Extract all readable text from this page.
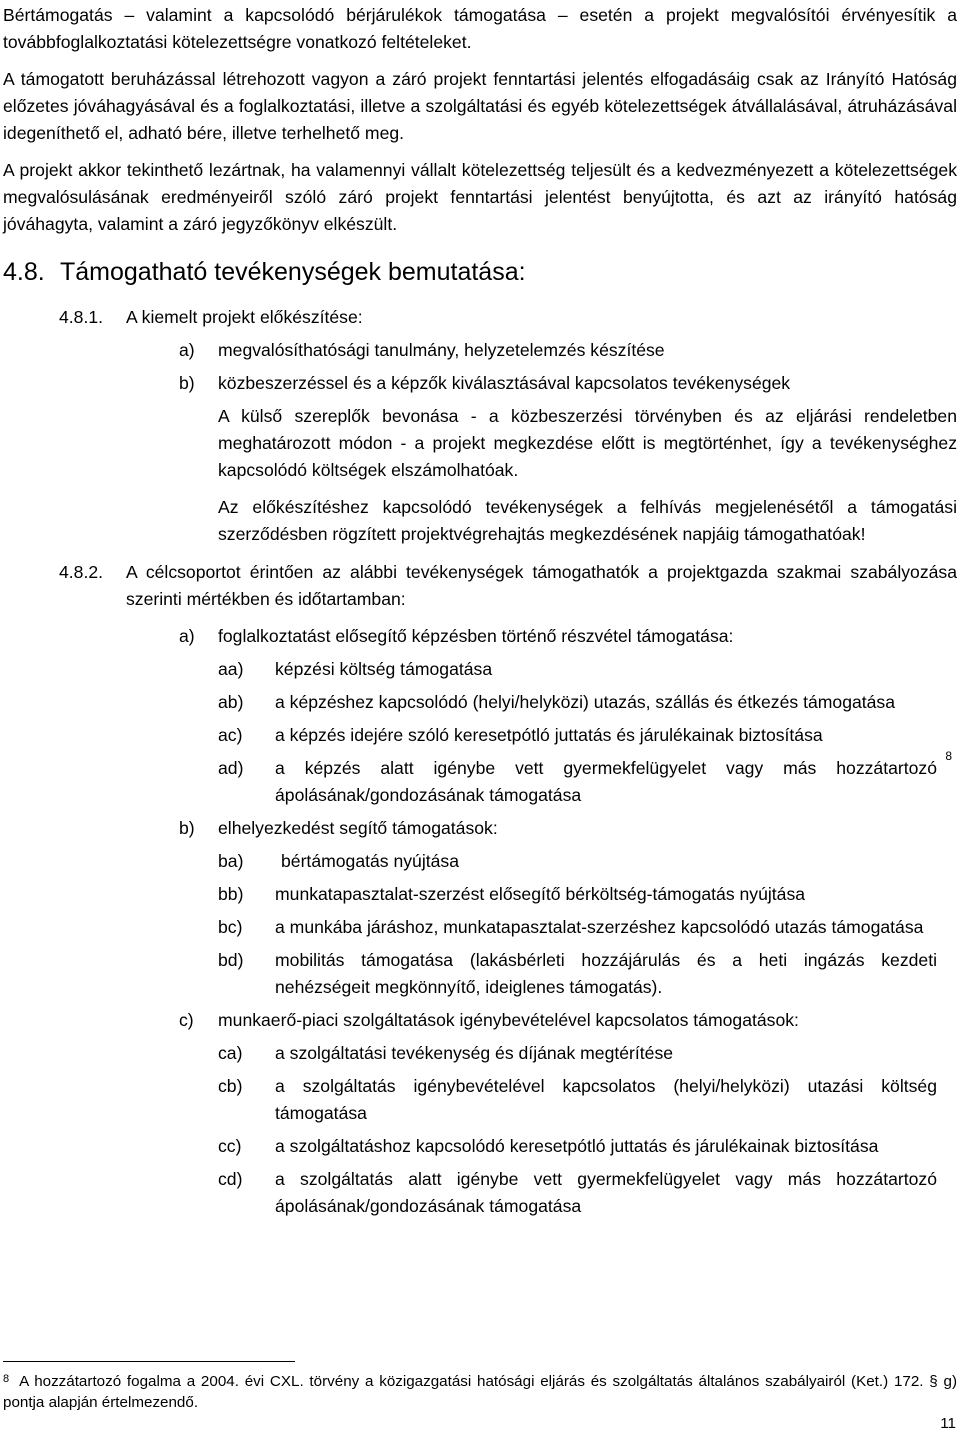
Bértámogatás – valamint a kapcsolódó bérjárulékok támogatása – esetén a projekt megvalósítói érvényesítik a továbbfoglalkoztatási kötelezettségre vonatkozó feltételeket.

A támogatott beruházással létrehozott vagyon a záró projekt fenntartási jelentés elfogadásáig csak az Irányító Hatóság előzetes jóváhagyásával és a foglalkoztatási, illetve a szolgáltatási és egyéb kötelezettségek átvállalásával, átruházásával idegeníthető el, adható bére, illetve terhelhető meg.

A projekt akkor tekinthető lezártnak, ha valamennyi vállalt kötelezettség teljesült és a kedvezményezett a kötelezettségek megvalósulásának eredményeiről szóló záró projekt fenntartási jelentést benyújtotta, és azt az irányító hatóság jóváhagyta, valamint a záró jegyzőkönyv elkészült.

4.8. Támogatható tevékenységek bemutatása:
4.8.1. A kiemelt projekt előkészítése:
a) megvalósíthatósági tanulmány, helyzetelemzés készítése
b) közbeszerzéssel és a képzők kiválasztásával kapcsolatos tevékenységek

A külső szereplők bevonása - a közbeszerzési törvényben és az eljárási rendeletben meghatározott módon - a projekt megkezdése előtt is megtörténhet, így a tevékenységhez kapcsolódó költségek elszámolhatóak.

Az előkészítéshez kapcsolódó tevékenységek a felhívás megjelenésétől a támogatási szerződésben rögzített projektvégrehajtás megkezdésének napjáig támogathatóak!

4.8.2. A célcsoportot érintően az alábbi tevékenységek támogathatók a projektgazda szakmai szabályozása szerinti mértékben és időtartamban:
a) foglalkoztatást elősegítő képzésben történő részvétel támogatása:
aa) képzési költség támogatása
ab) a képzéshez kapcsolódó (helyi/helyközi) utazás, szállás és étkezés támogatása
ac) a képzés idejére szóló keresetpótló juttatás és járulékainak biztosítása
ad) a képzés alatt igénybe vett gyermekfelügyelet vagy más hozzátartozó ápolásának/gondozásának támogatása
8
b) elhelyezkedést segítő támogatások:
ba)	bértámogatás nyújtása
bb) munkatapasztalat-szerzést elősegítő bérköltség-támogatás nyújtása
bc) a munkába járáshoz, munkatapasztalat-szerzéshez kapcsolódó utazás támogatása
bd) mobilitás támogatása (lakásbérleti hozzájárulás és a heti ingázás kezdeti nehézségeit megkönnyítő, ideiglenes támogatás).
c) munkaerő-piaci szolgáltatások igénybevételével kapcsolatos támogatások:
ca) a szolgáltatási tevékenység és díjának megtérítése
cb) a szolgáltatás igénybevételével kapcsolatos (helyi/helyközi) utazási költség támogatása
cc) a szolgáltatáshoz kapcsolódó keresetpótló juttatás és járulékainak biztosítása
cd) a szolgáltatás alatt igénybe vett gyermekfelügyelet vagy más hozzátartozó ápolásának/gondozásának támogatása
$^8$ A hozzátartozó fogalma a 2004. évi CXL. törvény a közigazgatási hatósági eljárás és szolgáltatás általános szabályairól (Ket.) 172. § g) pontja alapján értelmezendő.
11
